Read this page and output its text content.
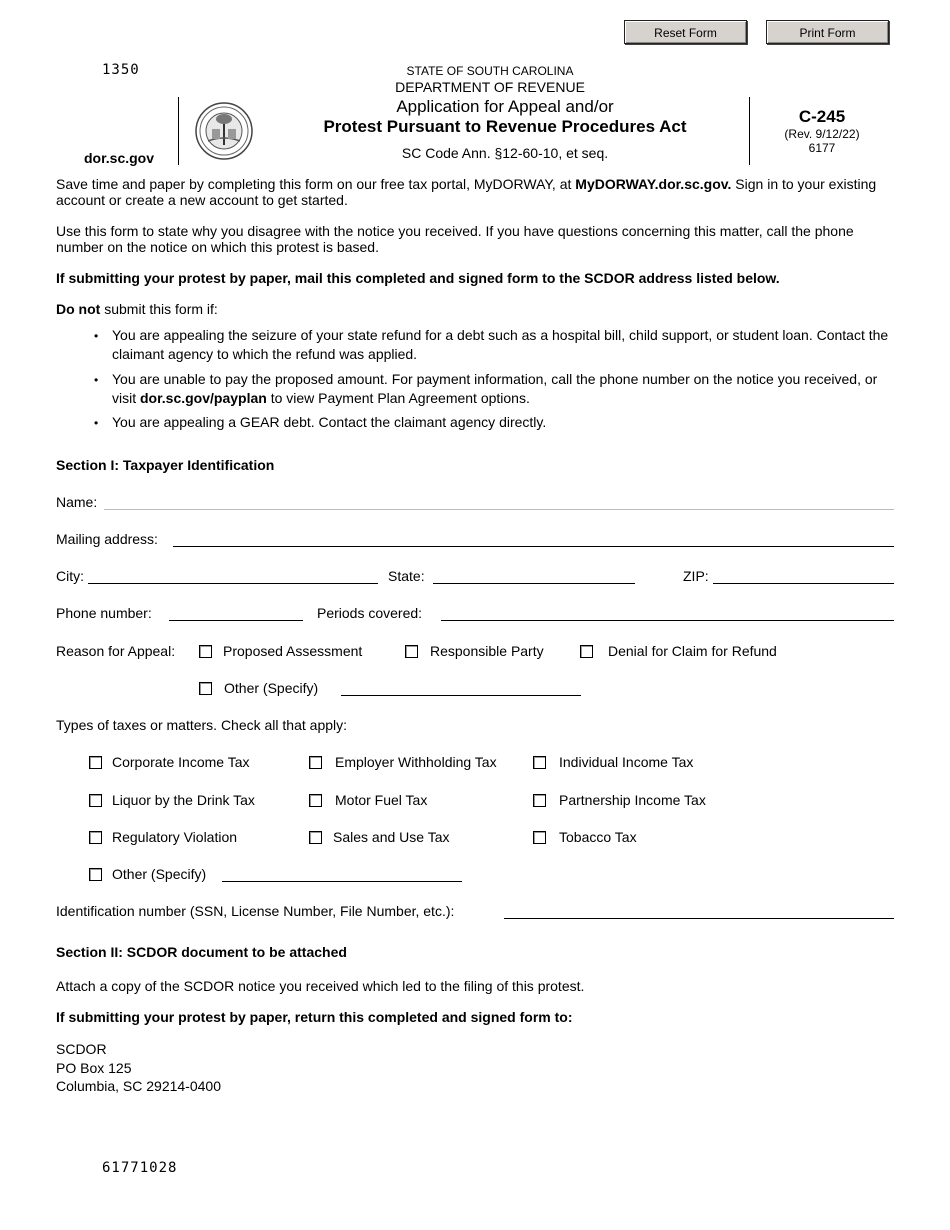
Reset Form	Print Form
1350	STATE OF SOUTH CAROLINA
DEPARTMENT OF REVENUE
Application for Appeal and/or
Protest Pursuant to Revenue Procedures Act
SC Code Ann. §12-60-10, et seq.
dor.sc.gov
C-245
(Rev. 9/12/22)
6177
Save time and paper by completing this form on our free tax portal, MyDORWAY, at MyDORWAY.dor.sc.gov. Sign in to your existing account or create a new account to get started.
Use this form to state why you disagree with the notice you received. If you have questions concerning this matter, call the phone number on the notice on which this protest is based.
If submitting your protest by paper, mail this completed and signed form to the SCDOR address listed below.
Do not submit this form if:
• You are appealing the seizure of your state refund for a debt such as a hospital bill, child support, or student loan. Contact the claimant agency to which the refund was applied.
• You are unable to pay the proposed amount. For payment information, call the phone number on the notice you received, or visit dor.sc.gov/payplan to view Payment Plan Agreement options.
• You are appealing a GEAR debt. Contact the claimant agency directly.
Section I: Taxpayer Identification
Name:
Mailing address:
City:	State:	ZIP:
Phone number:	Periods covered:
Reason for Appeal:	Proposed Assessment	Responsible Party	Denial for Claim for Refund
Other (Specify)
Types of taxes or matters. Check all that apply:
Corporate Income Tax	Employer Withholding Tax	Individual Income Tax
Liquor by the Drink Tax	Motor Fuel Tax	Partnership Income Tax
Regulatory Violation	Sales and Use Tax	Tobacco Tax
Other (Specify)
Identification number (SSN, License Number, File Number, etc.):
Section II: SCDOR document to be attached
Attach a copy of the SCDOR notice you received which led to the filing of this protest.
If submitting your protest by paper, return this completed and signed form to:
SCDOR
PO Box 125
Columbia, SC 29214-0400
61771028
